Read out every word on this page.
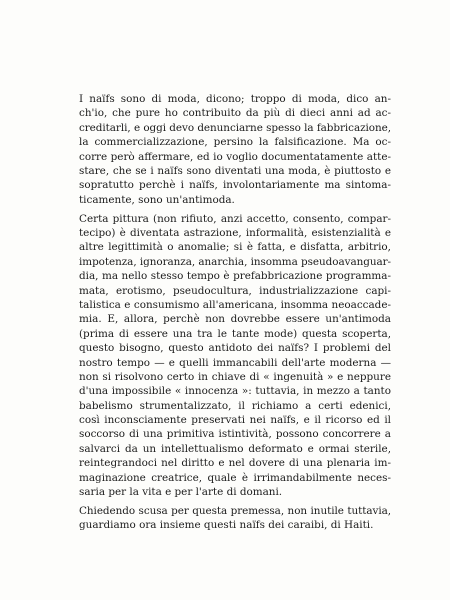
I naïfs sono di moda, dicono; troppo di moda, dico an-
ch'io, che pure ho contribuito da più di dieci anni ad ac-
creditarli, e oggi devo denunciarne spesso la fabbricazione,
la commercializzazione, persino la falsificazione. Ma oc-
corre però affermare, ed io voglio documentatamente atte-
stare, che se i naïfs sono diventati una moda, è piuttosto e
sopratutto perchè i naïfs, involontariamente ma sintoma-
ticamente, sono un'antimoda.
Certa pittura (non rifiuto, anzi accetto, consento, compar-
tecipo) è diventata astrazione, informalità, esistenzialità e
altre legittimità o anomalie; si è fatta, e disfatta, arbitrio,
impotenza, ignoranza, anarchia, insomma pseudoavanguar-
dia, ma nello stesso tempo è prefabbricazione programma-
mata, erotismo, pseudocultura, industrializzazione capi-
talistica e consumismo all'americana, insomma neoaccade-
mia. E, allora, perchè non dovrebbe essere un'antimoda
(prima di essere una tra le tante mode) questa scoperta,
questo bisogno, questo antidoto dei naïfs? I problemi del
nostro tempo — e quelli immancabili dell'arte moderna —
non si risolvono certo in chiave di « ingenuità » e neppure
d'una impossibile « innocenza »: tuttavia, in mezzo a tanto
babelismo strumentalizzato, il richiamo a certi edenici,
così inconsciamente preservati nei naïfs, e il ricorso ed il
soccorso di una primitiva istintività, possono concorrere a
salvarci da un intellettualismo deformato e ormai sterile,
reintegrandoci nel diritto e nel dovere di una plenaria im-
maginazione creatrice, quale è irrimandabilmente neces-
saria per la vita e per l'arte di domani.
Chiedendo scusa per questa premessa, non inutile tuttavia,
guardiamo ora insieme questi naïfs dei caraibi, di Haiti.
